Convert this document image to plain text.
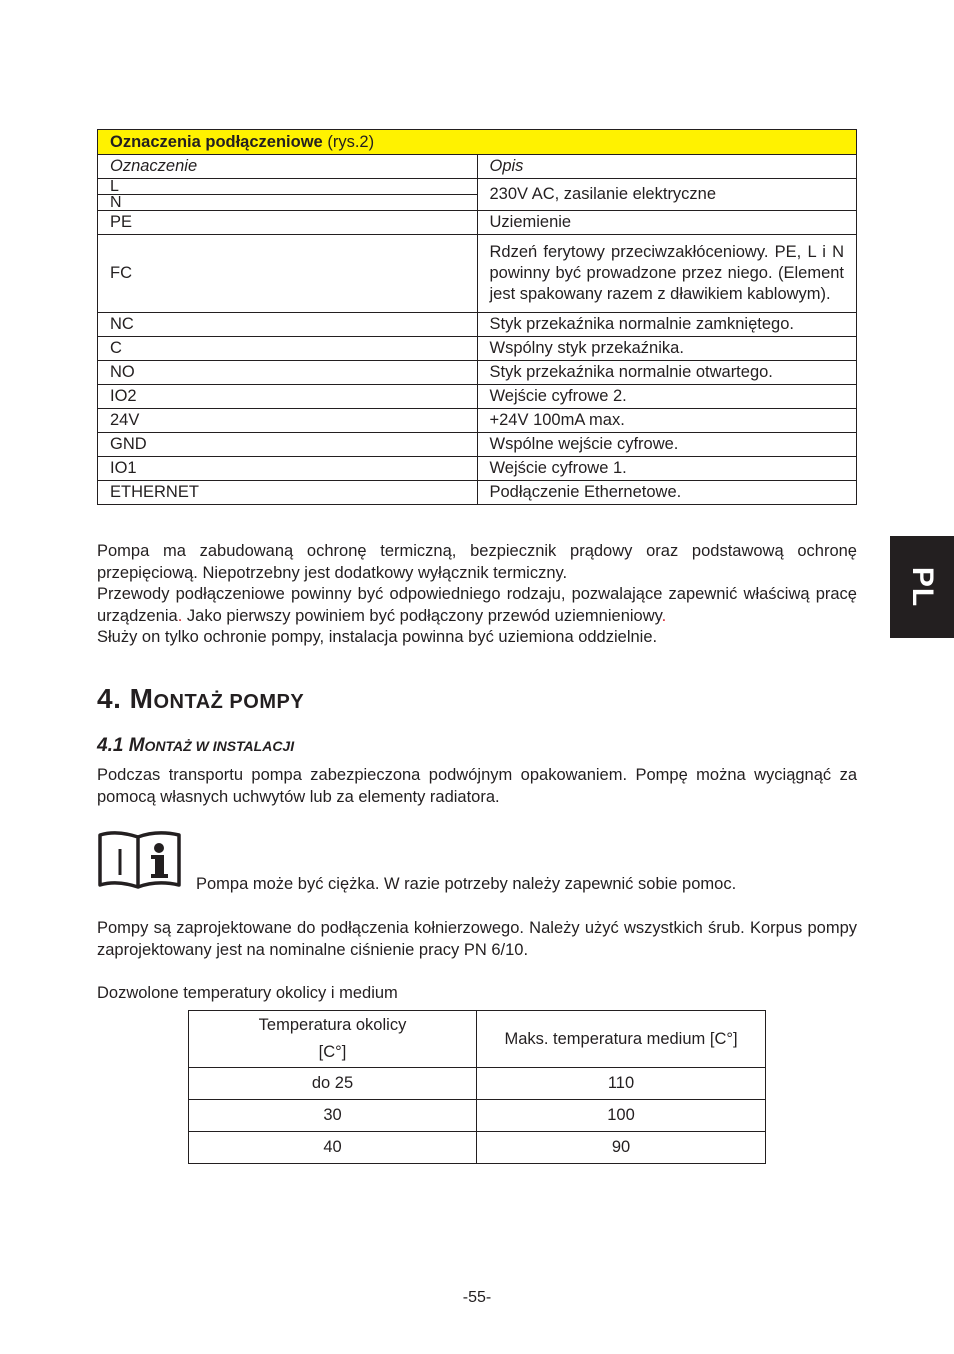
Oznaczenia podłączeniowe (rys.2)	
Oznaczenie	Opis

L
N	230V AC, zasilanie elektryczne
PE	Uziemienie
FC	Rdzeń ferytowy przeciwzakłóceniowy. PE, L i N powinny być prowadzone przez niego. (Element jest spakowany razem z dławikiem kablowym).
NC	Styk przekaźnika normalnie zamkniętego.
C	Wspólny styk przekaźnika.
NO	Styk przekaźnika normalnie otwartego.
IO2	Wejście cyfrowe 2.
24V	+24V 100mA max.
GND	Wspólne wejście cyfrowe.
IO1	Wejście cyfrowe 1.
ETHERNET	Podłączenie Ethernetowe.

Pompa ma zabudowaną ochronę termiczną, bezpiecznik prądowy oraz podstawową ochronę przepięciową. Niepotrzebny jest dodatkowy wyłącznik termiczny.

Przewody podłączeniowe powinny być odpowiedniego rodzaju, pozwalające zapewnić właściwą pracę urządzenia. Jako pierwszy powiniem być podłączony przewód uziemnieniowy.

Służy on tylko ochronie pompy, instalacja powinna być uziemiona oddzielnie.

4. MONTAŻ POMPY
4.1 MONTAŻ W INSTALACJI
Podczas transportu pompa zabezpieczona podwójnym opakowaniem. Pompę można wyciągnąć za pomocą własnych uchwytów lub za elementy radiatora.
Pompa może być ciężka. W razie potrzeby należy zapewnić sobie pomoc.
Pompy są zaprojektowane do podłączenia kołnierzowego. Należy użyć wszystkich śrub. Korpus pompy zaprojektowany jest na nominalne ciśnienie pracy PN 6/10.
Dozwolone temperatury okolicy i medium
Temperatura okolicy
[C°]	Maks. temperatura medium [C°]
do 25	110
30	100
40	90
PL
-55-
